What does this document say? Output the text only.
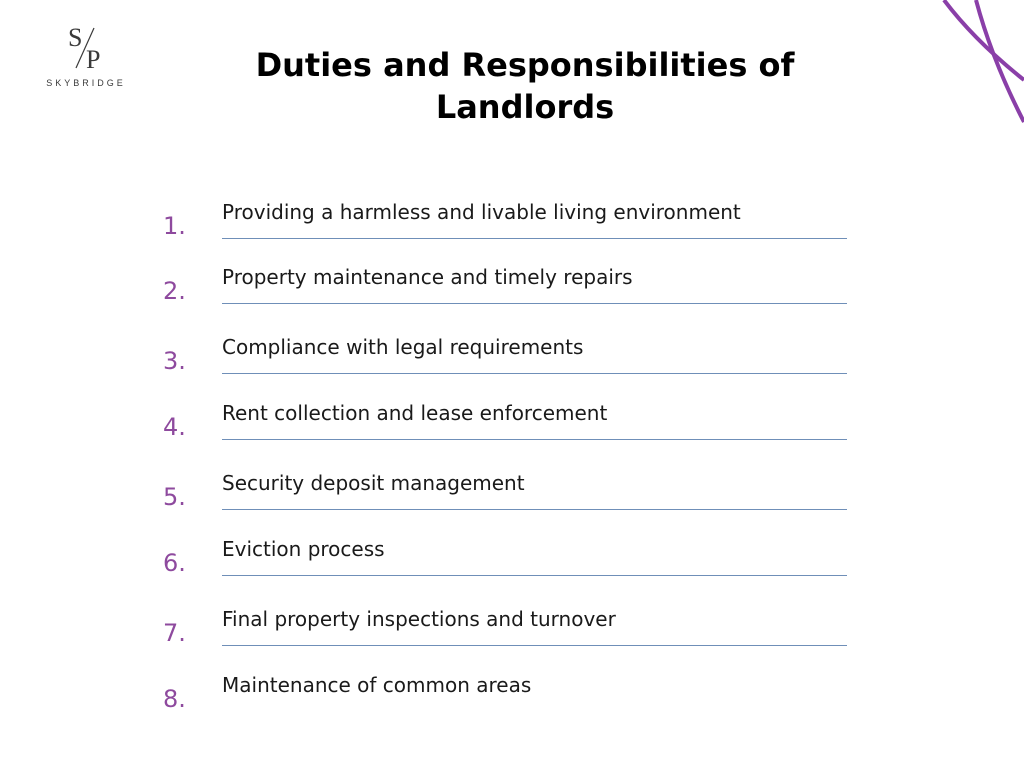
S
P
SKYBRIDGE	Duties and Responsibilities of Landlords
1. Providing a harmless and livable living environment
2. Property maintenance and timely repairs
3. Compliance with legal requirements
4. Rent collection and lease enforcement
5. Security deposit management
6. Eviction process
7. Final property inspections and turnover
8. Maintenance of common areas
